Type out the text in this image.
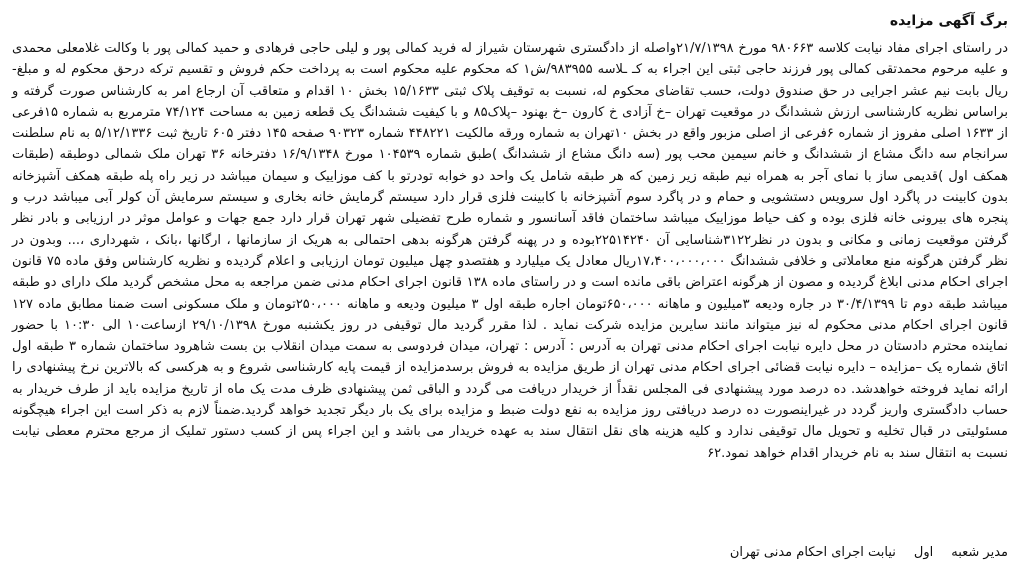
برگ آگهی مزایده

در راستای اجرای مفاد نیابت کلاسه ۹۸۰۶۶۳ مورخ ۲۱/۷/۱۳۹۸واصله از دادگستری شهرستان شیراز له فرید کمالی پور و لیلی حاجی فرهادی و حمید کمالی پور با وکالت غلامعلی محمدی و علیه مرحوم محمدتقی کمالی پور فرزند حاجی ثبتی این اجراء به کـ ـلاسه ۹۸۳۹۵۵/ش۱ که محکوم علیه محکوم است به پرداخت حکم فروش و تقسیم ترکه درحق محکوم له و مبلغ- ریال بابت نیم عشر اجرایی در حق صندوق دولت، حسب تقاضای محکوم له، نسبت به توقیف پلاک ثبتی ۱۵/۱۶۳۳ بخش ۱۰ اقدام و متعاقب آن ارجاع امر به کارشناس صورت گرفته و براساس نظریه کارشناسی ارزش ششدانگ در موقعیت تهران –خ آزادی خ کارون –خ بهنود –پلاک۸۵ و با کیفیت ششدانگ یک قطعه زمین به مساحت ۷۴/۱۲۴ مترمربع به شماره ۱۵فرعی از ۱۶۳۳ اصلی مفروز از شماره ۶فرعی از اصلی مزبور واقع در بخش ۱۰تهران به شماره ورقه مالکیت ۴۴۸۲۲۱ شماره ۹۰۳۲۳ صفحه ۱۴۵ دفتر ۶۰۵ تاریخ ثبت ۵/۱۲/۱۳۳۶ به نام سلطنت سرانجام سه دانگ مشاع از ششدانگ و خانم سیمین محب پور (سه دانگ مشاع از ششدانگ )طبق شماره ۱۰۴۵۳۹ مورخ ۱۶/۹/۱۳۴۸ دفترخانه ۳۶ تهران ملک شمالی دوطبقه (طبقات همکف اول )قدیمی ساز با نمای آجر به همراه نیم طبقه زیر زمین که هر طبقه شامل یک واحد دو خوابه تودرتو با کف موزاییک و سیمان میباشد در زیر راه پله طبقه همکف آشپزخانه بدون کابینت در پاگرد اول سرویس دستشویی و حمام و در پاگرد سوم آشپزخانه با کابینت فلزی قرار دارد سیستم گرمایش خانه بخاری و سیستم سرمایش آن کولر آبی میباشد درب و پنجره های بیرونی خانه فلزی بوده و کف حیاط موزاییک میباشد ساختمان فاقد آسانسور و شماره طرح تفضیلی شهر تهران قرار دارد جمع جهات و عوامل موثر در ارزیابی و بادر نظر گرفتن موقعیت زمانی و مکانی و بدون در نظر۳۱۲۲شناسایی آن ۲۲۵۱۴۲۴۰بوده و در پهنه گرفتن هرگونه بدهی احتمالی به هریک از سازمانها ، ارگانها ،بانک ، شهرداری ،... وبدون در نظر گرفتن هرگونه منع معاملاتی و خلافی ششدانگ ۱۷،۴۰۰،۰۰۰،۰۰۰ریال معادل یک میلیارد و هفتصدو چهل میلیون تومان ارزیابی و اعلام گردیده و نظریه کارشناس وفق ماده ۷۵ قانون اجرای احکام مدنی ابلاغ گردیده و مصون از هرگونه اعتراض باقی مانده است و در راستای ماده ۱۳۸ قانون اجرای احکام مدنی ضمن مراجعه به محل مشخص گردید ملک دارای دو طبقه میباشد طبقه دوم تا ۳۰/۴/۱۳۹۹ در جاره ودیعه ۳میلیون و ماهانه ۶۵۰،۰۰۰تومان اجاره طبقه اول ۳ میلیون ودیعه و ماهانه ۲۵۰،۰۰۰تومان و ملک مسکونی است ضمنا مطابق ماده ۱۲۷ قانون اجرای احکام مدنی محکوم له نیز میتواند مانند سایرین مزایده شرکت نماید . لذا مقرر گردید مال توقیفی در روز یکشنبه مورخ ۲۹/۱۰/۱۳۹۸ ازساعت۱۰ الی ۱۰:۳۰ با حضور نماینده محترم دادستان در محل دایره نیابت اجرای احکام مدنی تهران به آدرس : آدرس : تهران، میدان فردوسی به سمت میدان انقلاب بن بست شاهرود ساختمان شماره ۳ طبقه اول اتاق شماره یک –مزایده – دایره نیابت قضائی اجرای احکام مدنی تهران از طریق مزایده به فروش برسدمزایده از قیمت پایه کارشناسی شروع و به هرکسی که بالاترین نرخ پیشنهادی را ارائه نماید فروخته خواهدشد. ده درصد مورد پیشنهادی فی المجلس نقداً از خریدار دریافت می گردد و الباقی ثمن پیشنهادی ظرف مدت یک ماه از تاریخ مزایده باید از طرف خریدار به حساب دادگستری واریز گردد در غیراینصورت ده درصد دریافتی روز مزایده به نفع دولت ضبط و مزایده برای یک بار دیگر تجدید خواهد گردید.ضمناً لازم به ذکر است این اجراء هیچگونه مسئولیتی در قبال تخلیه و تحویل مال توقیفی ندارد و کلیه هزینه های نقل انتقال سند به عهده خریدار می باشد و این اجراء پس از کسب دستور تملیک از مرجع محترم معطی نیابت نسبت به انتقال سند به نام خریدار اقدام خواهد نمود.۶۲

مدیر شعبه
اول
نیابت اجرای احکام مدنی تهران
